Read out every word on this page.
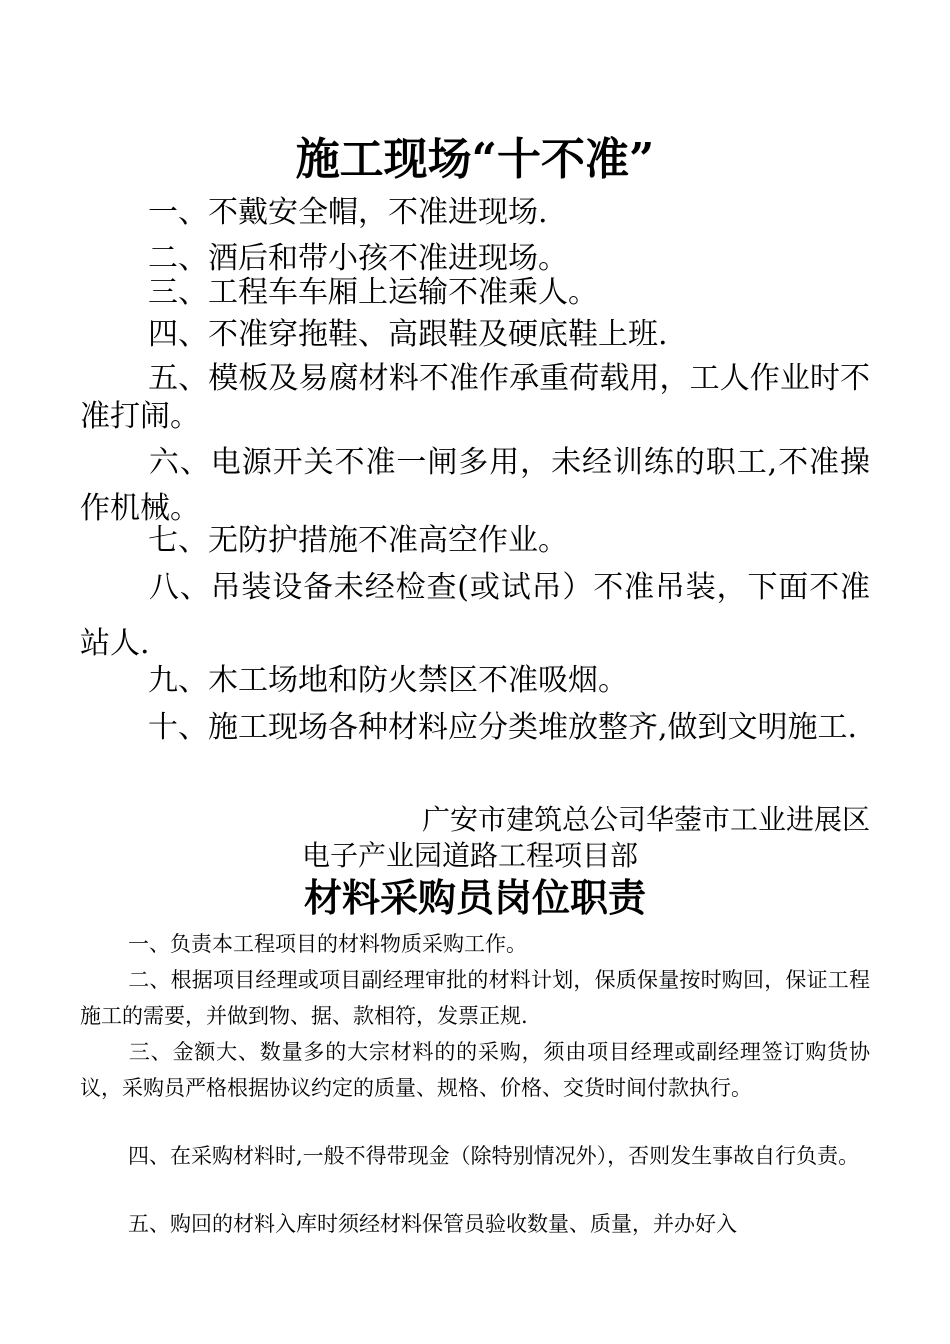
施工现场“十不准”
一、不戴安全帽，不准进现场.
二、酒后和带小孩不准进现场。
三、工程车车厢上运输不准乘人。
四、不准穿拖鞋、高跟鞋及硬底鞋上班.
五、模板及易腐材料不准作承重荷载用，工人作业时不准打闹。
六、电源开关不准一闸多用，未经训练的职工,不准操作机械。
七、无防护措施不准高空作业。
八、吊装设备未经检查(或试吊）不准吊装，下面不准站人.
九、木工场地和防火禁区不准吸烟。
十、施工现场各种材料应分类堆放整齐,做到文明施工.
广安市建筑总公司华蓥市工业进展区
电子产业园道路工程项目部
材料采购员岗位职责
一、负责本工程项目的材料物质采购工作。
二、根据项目经理或项目副经理审批的材料计划，保质保量按时购回，保证工程施工的需要，并做到物、据、款相符，发票正规.
三、金额大、数量多的大宗材料的的采购，须由项目经理或副经理签订购货协议，采购员严格根据协议约定的质量、规格、价格、交货时间付款执行。
四、在采购材料时,一般不得带现金（除特别情况外），否则发生事故自行负责。
五、购回的材料入库时须经材料保管员验收数量、质量，并办好入
